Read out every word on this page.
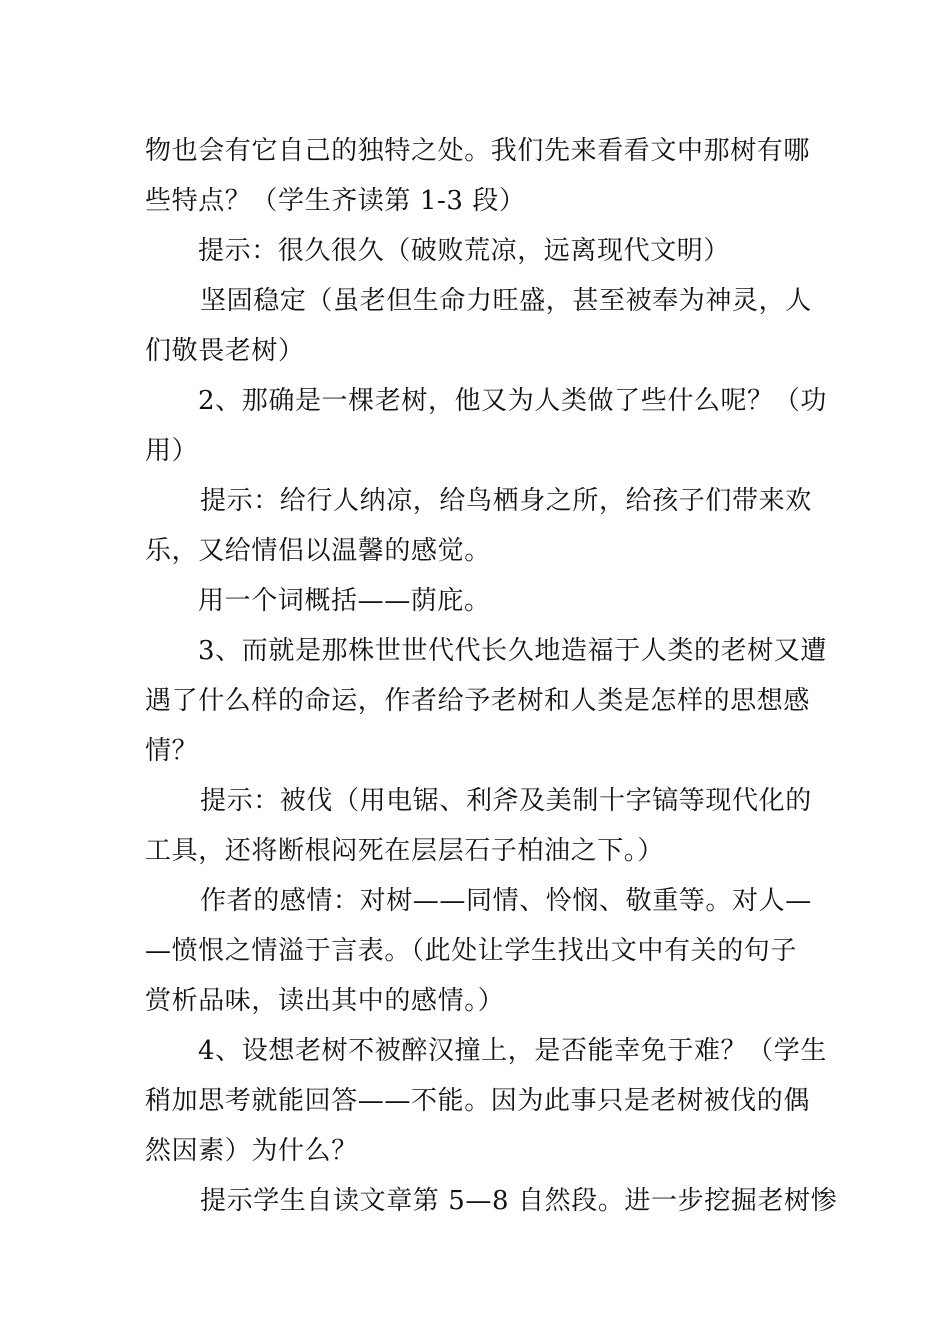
物也会有它自己的独特之处。我们先来看看文中那树有哪
些特点？（学生齐读第 1-3 段）
提示：很久很久（破败荒凉，远离现代文明）
坚固稳定（虽老但生命力旺盛，甚至被奉为神灵，人
们敬畏老树）
2、那确是一棵老树，他又为人类做了些什么呢？（功
用）
提示：给行人纳凉，给鸟栖身之所，给孩子们带来欢
乐，又给情侣以温馨的感觉。
用一个词概括——荫庇。
3、而就是那株世世代代长久地造福于人类的老树又遭
遇了什么样的命运，作者给予老树和人类是怎样的思想感
情？
提示：被伐（用电锯、利斧及美制十字镐等现代化的
工具，还将断根闷死在层层石子柏油之下。）
作者的感情：对树——同情、怜悯、敬重等。对人—
—愤恨之情溢于言表。（此处让学生找出文中有关的句子
赏析品味，读出其中的感情。）
4、设想老树不被醉汉撞上，是否能幸免于难？（学生
稍加思考就能回答——不能。因为此事只是老树被伐的偶
然因素）为什么？
提示学生自读文章第 5—8 自然段。进一步挖掘老树惨
